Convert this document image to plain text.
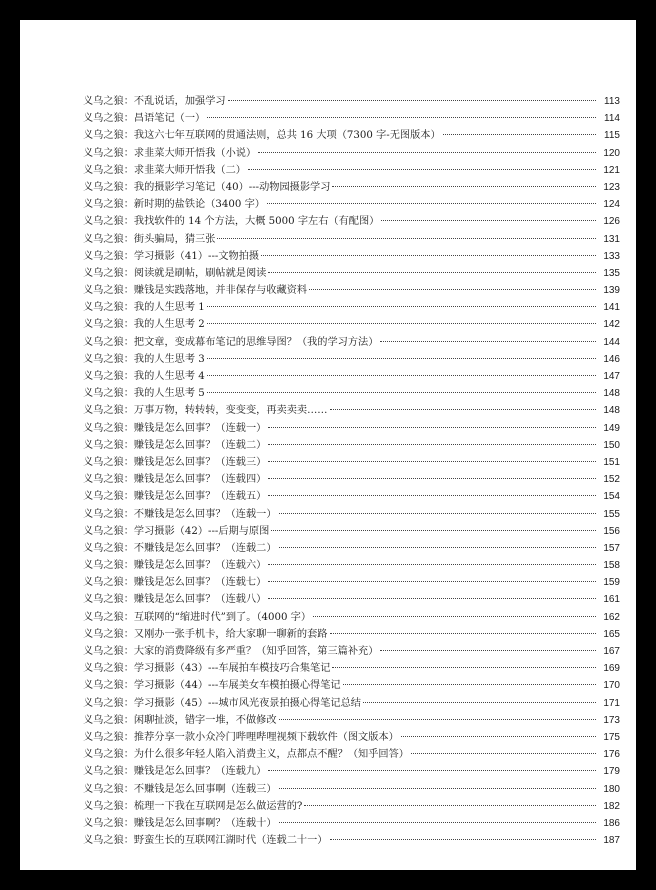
义乌之狼：不乱说话，加强学习	113
义乌之狼：昌语笔记（一）	114
义乌之狼：我这六七年互联网的贯通法则，总共 16 大项（7300 字-无图版本）	115
义乌之狼：求韭菜大师开悟我（小说）	120
义乌之狼：求韭菜大师开悟我（二）	121
义乌之狼：我的摄影学习笔记（40）---动物园摄影学习	123
义乌之狼：新时期的盐铁论（3400 字）	124
义乌之狼：我找软件的 14 个方法，大概 5000 字左右（有配图）	126
义乌之狼：街头骗局，猜三张	131
义乌之狼：学习摄影（41）---文物拍摄	133
义乌之狼：阅读就是刷帖，刷帖就是阅读	135
义乌之狼：赚钱是实践落地，并非保存与收藏资料	139
义乌之狼：我的人生思考 1	141
义乌之狼：我的人生思考 2	142
义乌之狼：把文章，变成幕布笔记的思维导图？（我的学习方法）	144
义乌之狼：我的人生思考 3	146
义乌之狼：我的人生思考 4	147
义乌之狼：我的人生思考 5	148
义乌之狼：万事万物，转转转，变变变，再卖卖卖……	148
义乌之狼：赚钱是怎么回事？（连载一）	149
义乌之狼：赚钱是怎么回事？（连载二）	150
义乌之狼：赚钱是怎么回事？（连载三）	151
义乌之狼：赚钱是怎么回事？（连载四）	152
义乌之狼：赚钱是怎么回事？（连载五）	154
义乌之狼：不赚钱是怎么回事？（连载一）	155
义乌之狼：学习摄影（42）---后期与原图	156
义乌之狼：不赚钱是怎么回事？（连载二）	157
义乌之狼：赚钱是怎么回事？（连载六）	158
义乌之狼：赚钱是怎么回事？（连载七）	159
义乌之狼：赚钱是怎么回事？（连载八）	161
义乌之狼：互联网的“缩进时代”到了。（4000 字）	162
义乌之狼：又刚办一张手机卡，给大家聊一聊新的套路	165
义乌之狼：大家的消费降级有多严重？（知乎回答，第三篇补充）	167
义乌之狼：学习摄影（43）---车展拍车模技巧合集笔记	169
义乌之狼：学习摄影（44）---车展美女车模拍摄心得笔记	170
义乌之狼：学习摄影（45）---城市风光夜景拍摄心得笔记总结	171
义乌之狼：闲聊扯淡，错字一堆，不做修改	173
义乌之狼：推荐分享一款小众冷门哔哩哔哩视频下载软件（图文版本）	175
义乌之狼：为什么很多年轻人陷入消费主义，点都点不醒？（知乎回答）	176
义乌之狼：赚钱是怎么回事？（连载九）	179
义乌之狼：不赚钱是怎么回事啊（连载三）	180
义乌之狼：梳理一下我在互联网是怎么做运营的?	182
义乌之狼：赚钱是怎么回事啊？（连载十）	186
义乌之狼：野蛮生长的互联网江湖时代（连载二十一）	187
